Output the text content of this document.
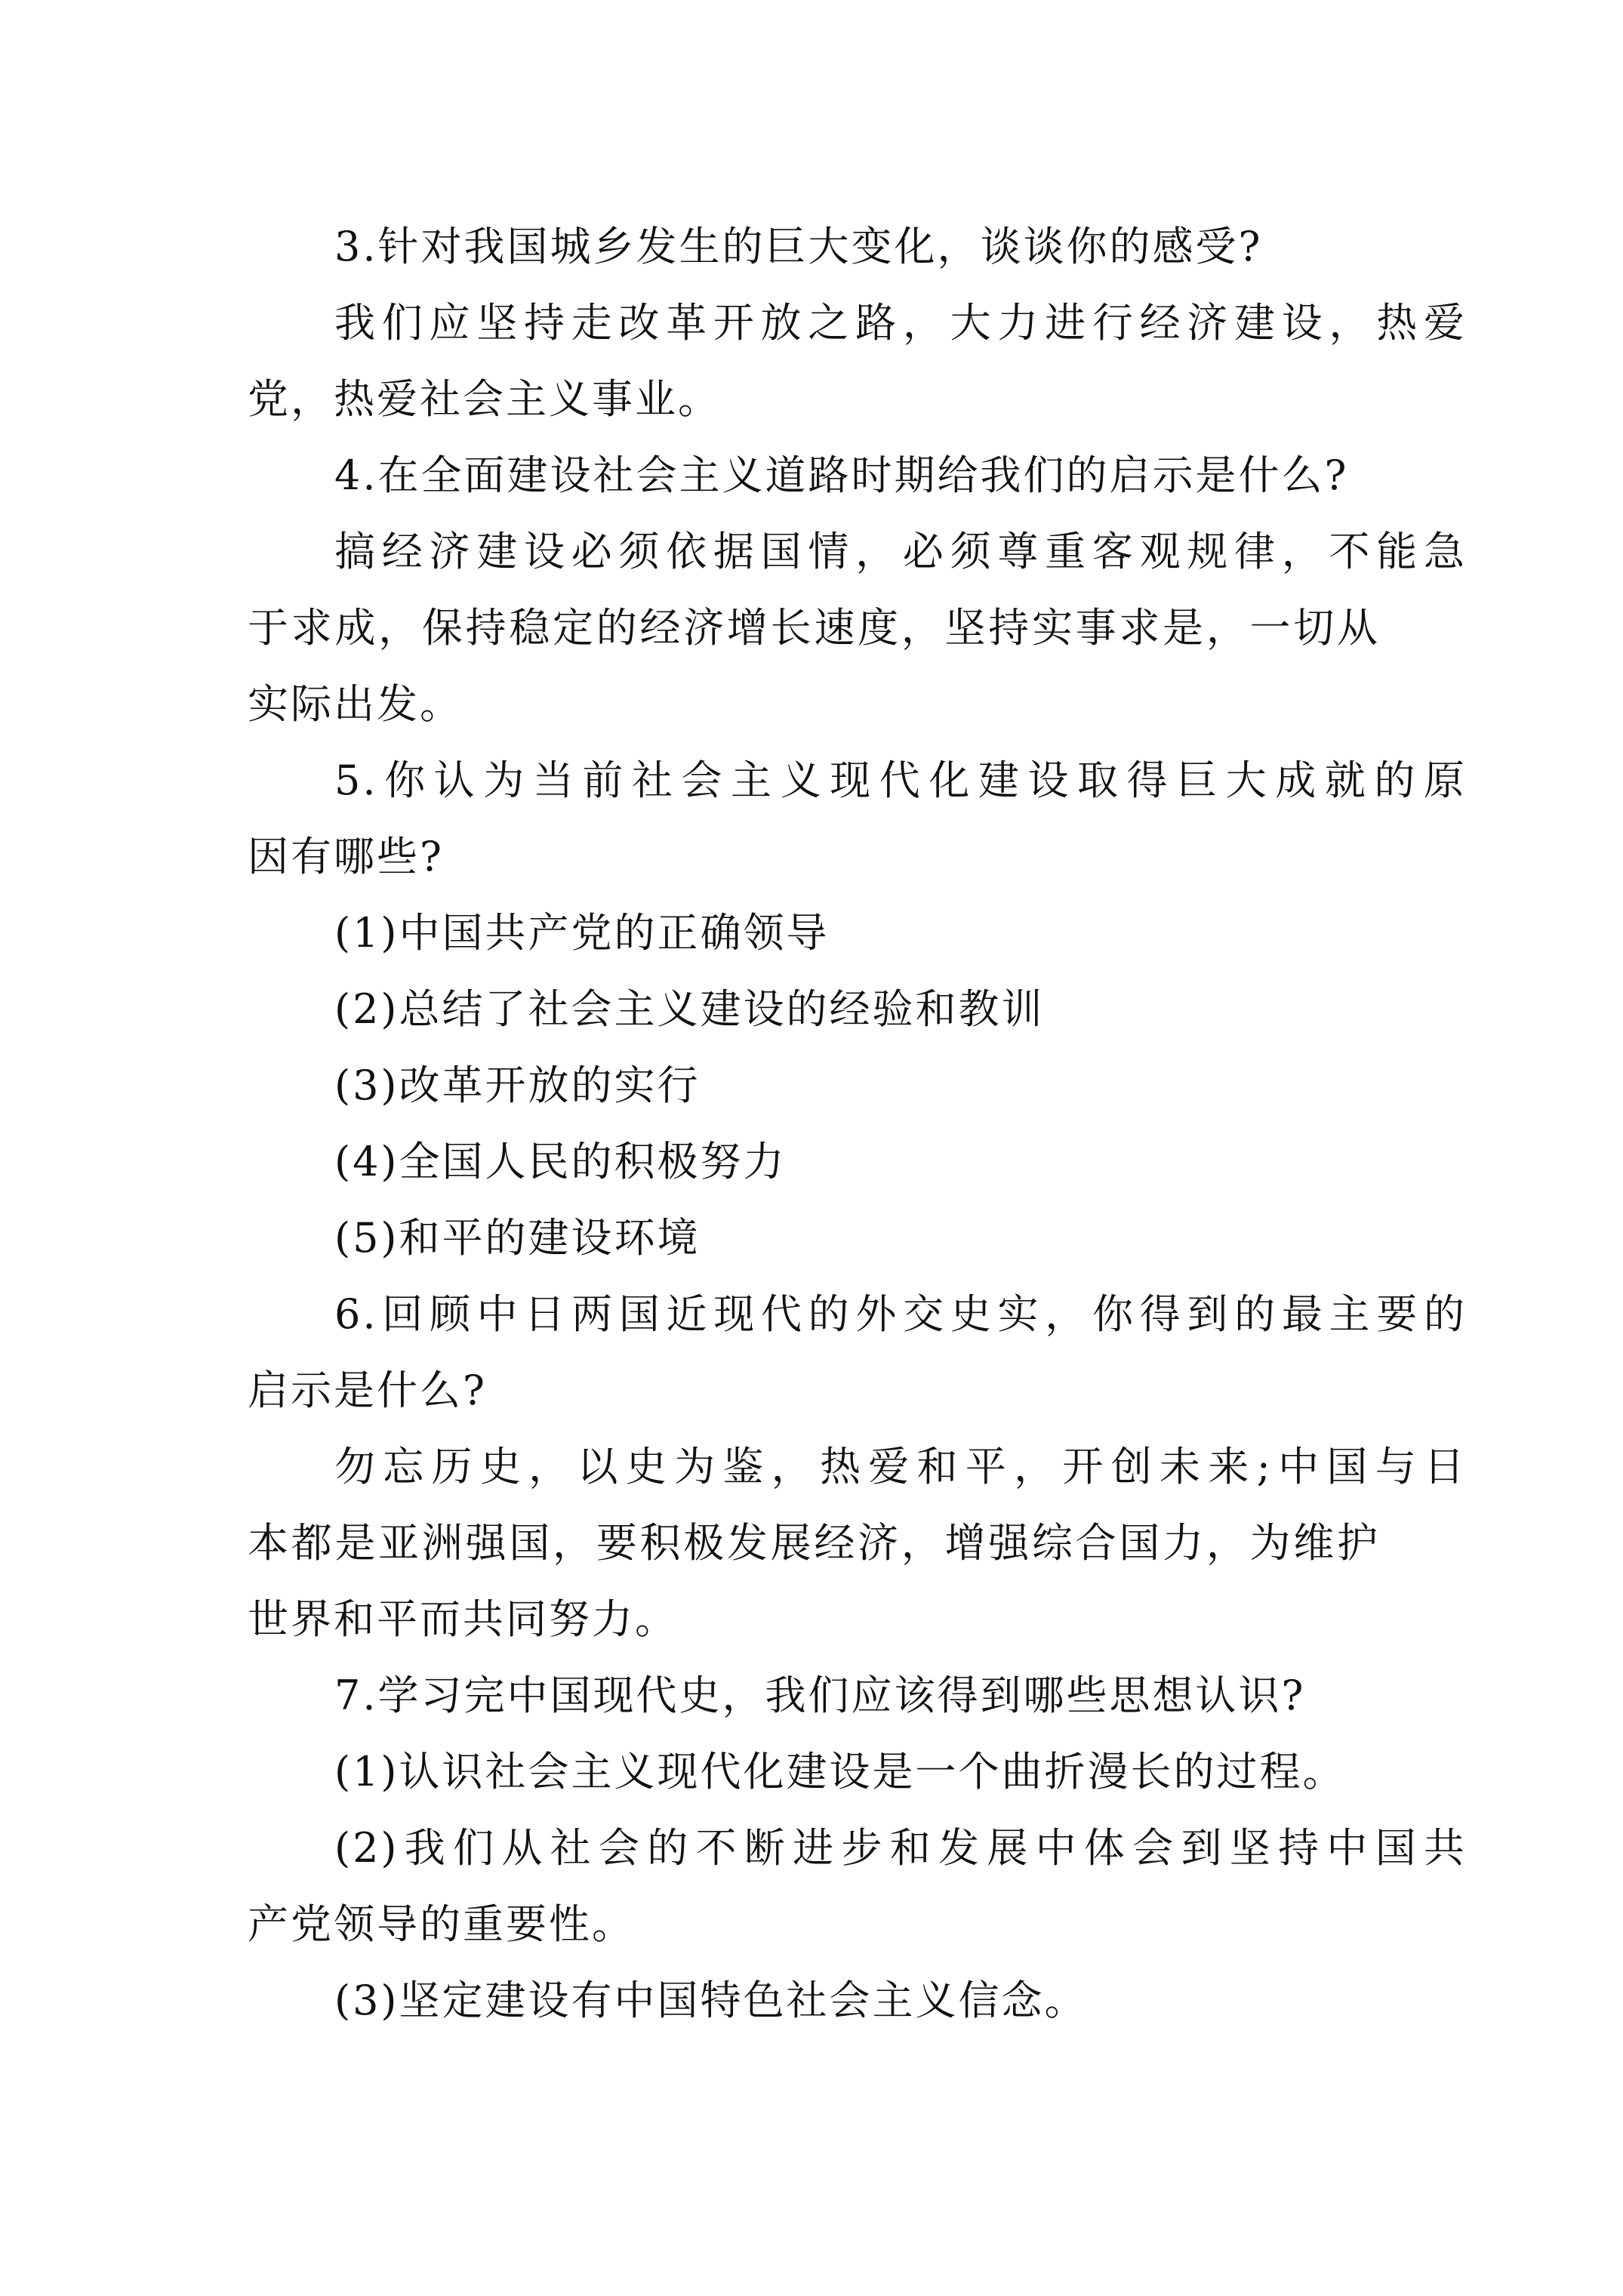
3.针对我国城乡发生的巨大变化，谈谈你的感受?
我们应坚持走改革开放之路，大力进行经济建设，热爱
党，热爱社会主义事业。
4.在全面建设社会主义道路时期给我们的启示是什么?
搞经济建设必须依据国情，必须尊重客观规律，不能急
于求成，保持稳定的经济增长速度，坚持实事求是，一切从
实际出发。
5.你认为当前社会主义现代化建设取得巨大成就的原
因有哪些?
(1)中国共产党的正确领导
(2)总结了社会主义建设的经验和教训
(3)改革开放的实行
(4)全国人民的积极努力
(5)和平的建设环境
6.回顾中日两国近现代的外交史实，你得到的最主要的
启示是什么?
勿忘历史，以史为鉴，热爱和平，开创未来;中国与日
本都是亚洲强国，要积极发展经济，增强综合国力，为维护
世界和平而共同努力。
7.学习完中国现代史，我们应该得到哪些思想认识?
(1)认识社会主义现代化建设是一个曲折漫长的过程。
(2)我们从社会的不断进步和发展中体会到坚持中国共
产党领导的重要性。
(3)坚定建设有中国特色社会主义信念。
